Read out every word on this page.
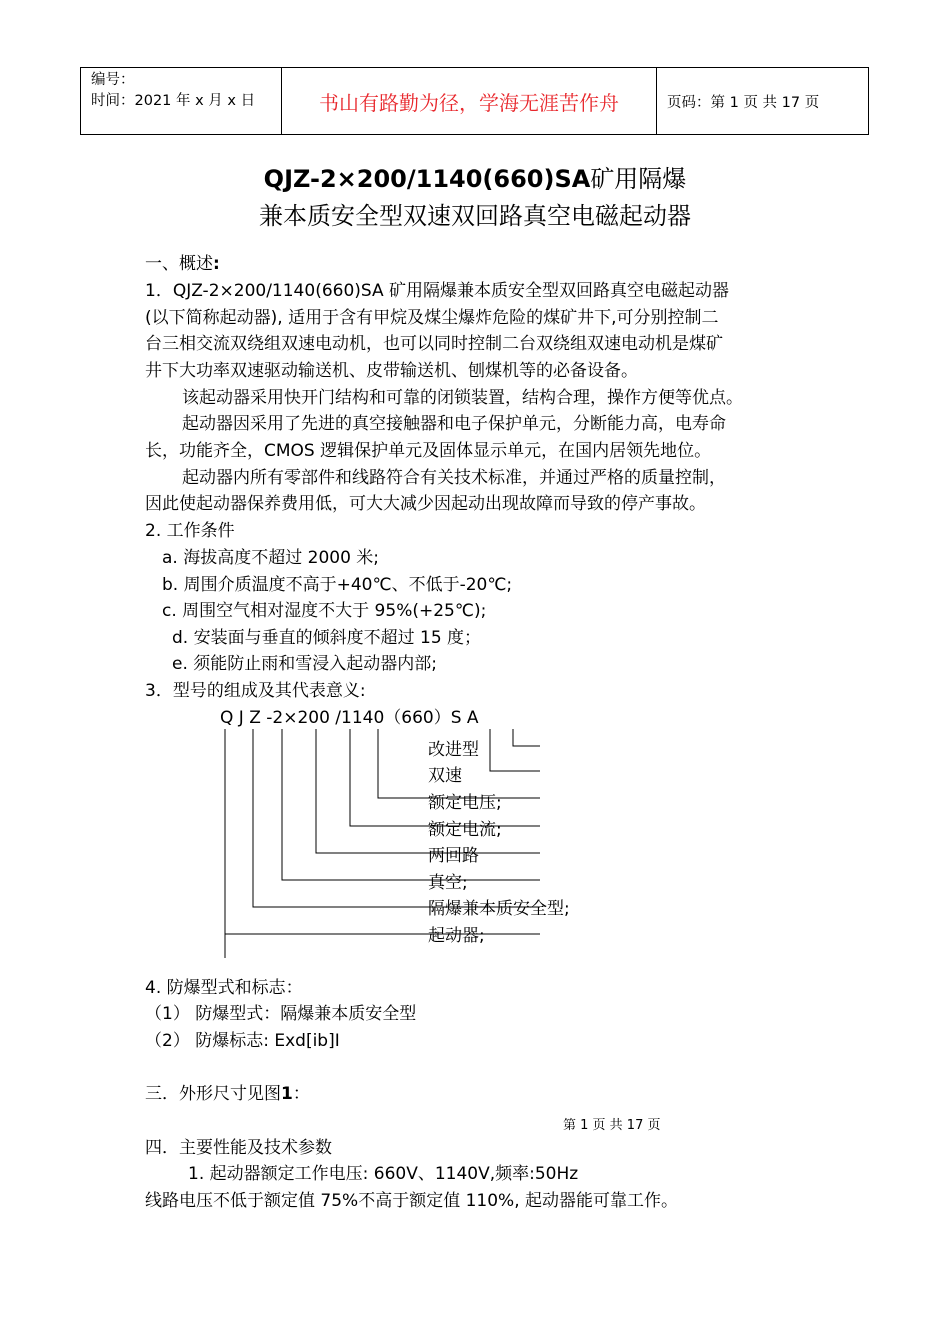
编号：
时间：2021 年 x 月 x 日	书山有路勤为径，学海无涯苦作舟	页码：第 1 页 共 17 页
QJZ-2×200/1140(660)SA矿用隔爆
兼本质安全型双速双回路真空电磁起动器
一、概述:
1．QJZ-2×200/1140(660)SA 矿用隔爆兼本质安全型双回路真空电磁起动器
(以下简称起动器), 适用于含有甲烷及煤尘爆炸危险的煤矿井下,可分别控制二
台三相交流双绕组双速电动机，也可以同时控制二台双绕组双速电动机是煤矿
井下大功率双速驱动输送机、皮带输送机、刨煤机等的必备设备。
该起动器采用快开门结构和可靠的闭锁装置，结构合理，操作方便等优点。
起动器因采用了先进的真空接触器和电子保护单元，分断能力高，电寿命
长，功能齐全，CMOS 逻辑保护单元及固体显示单元，在国内居领先地位。
起动器内所有零部件和线路符合有关技术标准，并通过严格的质量控制，
因此使起动器保养费用低，可大大减少因起动出现故障而导致的停产事故。
2. 工作条件
a. 海拔高度不超过 2000 米;
b. 周围介质温度不高于+40℃、不低于-20℃;
c. 周围空气相对湿度不大于 95%(+25℃);
d. 安装面与垂直的倾斜度不超过 15 度；
e. 须能防止雨和雪浸入起动器内部;
3．型号的组成及其代表意义:
Q J Z -2×200 /1140（660）S A
改进型
双速
额定电压;
额定电流;
两回路
真空;
隔爆兼本质安全型;
起动器;
4. 防爆型式和标志：
（1） 防爆型式：隔爆兼本质安全型
（2） 防爆标志: Exd[ib]I
三．外形尺寸见图1：
第 1 页 共 17 页
四．主要性能及技术参数
1. 起动器额定工作电压: 660V、1140V,频率:50Hz
线路电压不低于额定值 75%不高于额定值 110%, 起动器能可靠工作。
